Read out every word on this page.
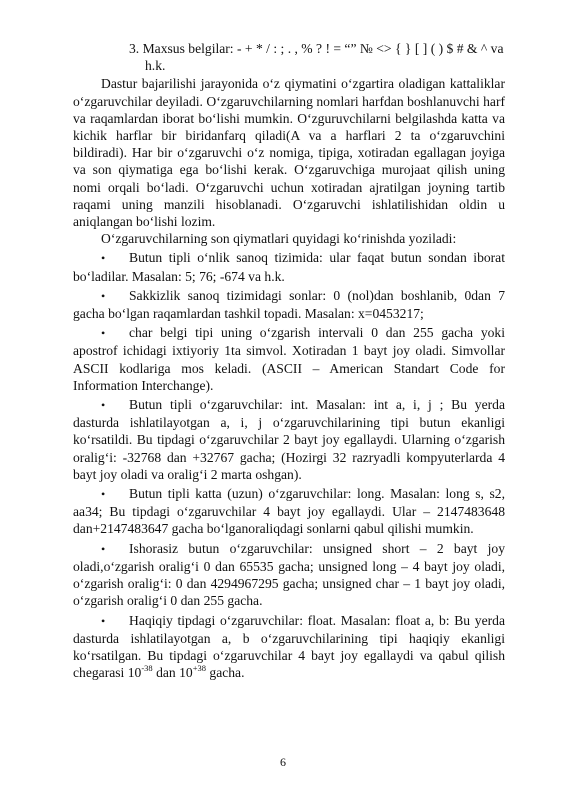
3. Maxsus belgilar: - + * / : ; . , % ? ! = “” № <> { } [ ] ( ) $ # & ^ va h.k.

Dastur bajarilishi jarayonida o‘z qiymatini o‘zgartira oladigan kattaliklar o‘zgaruvchilar deyiladi. O‘zgaruvchilarning nomlari harfdan boshlanuvchi harf va raqamlardan iborat bo‘lishi mumkin. O‘zguruvchilarni belgilashda katta va kichik harflar bir biridanfarq qiladi(A va a harflari 2 ta o‘zgaruvchini bildiradi). Har bir o‘zgaruvchi o‘z nomiga, tipiga, xotiradan egallagan joyiga va son qiymatiga ega bo‘lishi kerak. O‘zgaruvchiga murojaat qilish uning nomi orqali bo‘ladi. O‘zgaruvchi uchun xotiradan ajratilgan joyning tartib raqami uning manzili hisoblanadi. O‘zgaruvchi ishlatilishidan oldin u aniqlangan bo‘lishi lozim.

O‘zgaruvchilarning son qiymatlari quyidagi ko‘rinishda yoziladi:

• Butun tipli o‘nlik sanoq tizimida: ular faqat butun sondan iborat bo‘ladilar. Masalan: 5; 76; -674 va h.k.

• Sakkizlik sanoq tizimidagi sonlar: 0 (nol)dan boshlanib, 0dan 7 gacha bo‘lgan raqamlardan tashkil topadi. Masalan: x=0453217;

• char belgi tipi uning o‘zgarish intervali 0 dan 255 gacha yoki apostrof ichidagi ixtiyoriy 1ta simvol. Xotiradan 1 bayt joy oladi. Simvollar ASCII kodlariga mos keladi. (ASCII – American Standart Code for Information Interchange).

• Butun tipli o‘zgaruvchilar: int. Masalan: int a, i, j ; Bu yerda dasturda ishlatilayotgan a, i, j o‘zgaruvchilarining tipi butun ekanligi ko‘rsatildi. Bu tipdagi o‘zgaruvchilar 2 bayt joy egallaydi. Ularning o‘zgarish oralig‘i: -32768 dan +32767 gacha; (Hozirgi 32 razryadli kompyuterlarda 4 bayt joy oladi va oralig‘i 2 marta oshgan).

• Butun tipli katta (uzun) o‘zgaruvchilar: long. Masalan: long s, s2, aa34; Bu tipdagi o‘zgaruvchilar 4 bayt joy egallaydi. Ular – 2147483648 dan+2147483647 gacha bo‘lganoraliqdagi sonlarni qabul qilishi mumkin.

• Ishorasiz butun o‘zgaruvchilar: unsigned short – 2 bayt joy oladi,o‘zgarish oralig‘i 0 dan 65535 gacha; unsigned long – 4 bayt joy oladi, o‘zgarish oralig‘i: 0 dan 4294967295 gacha; unsigned char – 1 bayt joy oladi, o‘zgarish oralig‘i 0 dan 255 gacha.

• Haqiqiy tipdagi o‘zgaruvchilar: float. Masalan: float a, b: Bu yerda dasturda ishlatilayotgan a, b o‘zgaruvchilarining tipi haqiqiy ekanligi ko‘rsatilgan. Bu tipdagi o‘zgaruvchilar 4 bayt joy egallaydi va qabul qilish chegarasi $10^{-38}$ dan $10^{+38}$ gacha.

6
